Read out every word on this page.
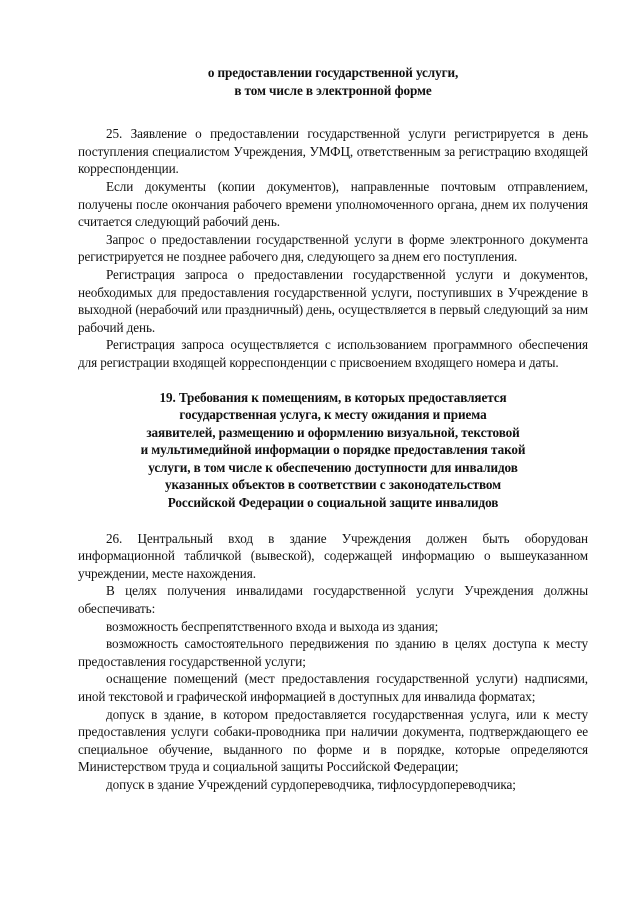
о предоставлении государственной услуги,
в том числе в электронной форме

25. Заявление о предоставлении государственной услуги регистрируется в день поступления специалистом Учреждения, УМФЦ, ответственным за регистрацию входящей корреспонденции.

Если документы (копии документов), направленные почтовым отправлением, получены после окончания рабочего времени уполномоченного органа, днем их получения считается следующий рабочий день.

Запрос о предоставлении государственной услуги в форме электронного документа регистрируется не позднее рабочего дня, следующего за днем его поступления.

Регистрация запроса о предоставлении государственной услуги и документов, необходимых для предоставления государственной услуги, поступивших в Учреждение в выходной (нерабочий или праздничный) день, осуществляется в первый следующий за ним рабочий день.

Регистрация запроса осуществляется с использованием программного обеспечения для регистрации входящей корреспонденции с присвоением входящего номера и даты.

19. Требования к помещениям, в которых предоставляется
государственная услуга, к месту ожидания и приема
заявителей, размещению и оформлению визуальной, текстовой
и мультимедийной информации о порядке предоставления такой
услуги, в том числе к обеспечению доступности для инвалидов
указанных объектов в соответствии с законодательством
Российской Федерации о социальной защите инвалидов

26. Центральный вход в здание Учреждения должен быть оборудован информационной табличкой (вывеской), содержащей информацию о вышеуказанном учреждении, месте нахождения.

В целях получения инвалидами государственной услуги Учреждения должны обеспечивать:

возможность беспрепятственного входа и выхода из здания;

возможность самостоятельного передвижения по зданию в целях доступа к месту предоставления государственной услуги;

оснащение помещений (мест предоставления государственной услуги) надписями, иной текстовой и графической информацией в доступных для инвалида форматах;

допуск в здание, в котором предоставляется государственная услуга, или к месту предоставления услуги собаки-проводника при наличии документа, подтверждающего ее специальное обучение, выданного по форме и в порядке, которые определяются Министерством труда и социальной защиты Российской Федерации;

допуск в здание Учреждений сурдопереводчика, тифлосурдопереводчика;
